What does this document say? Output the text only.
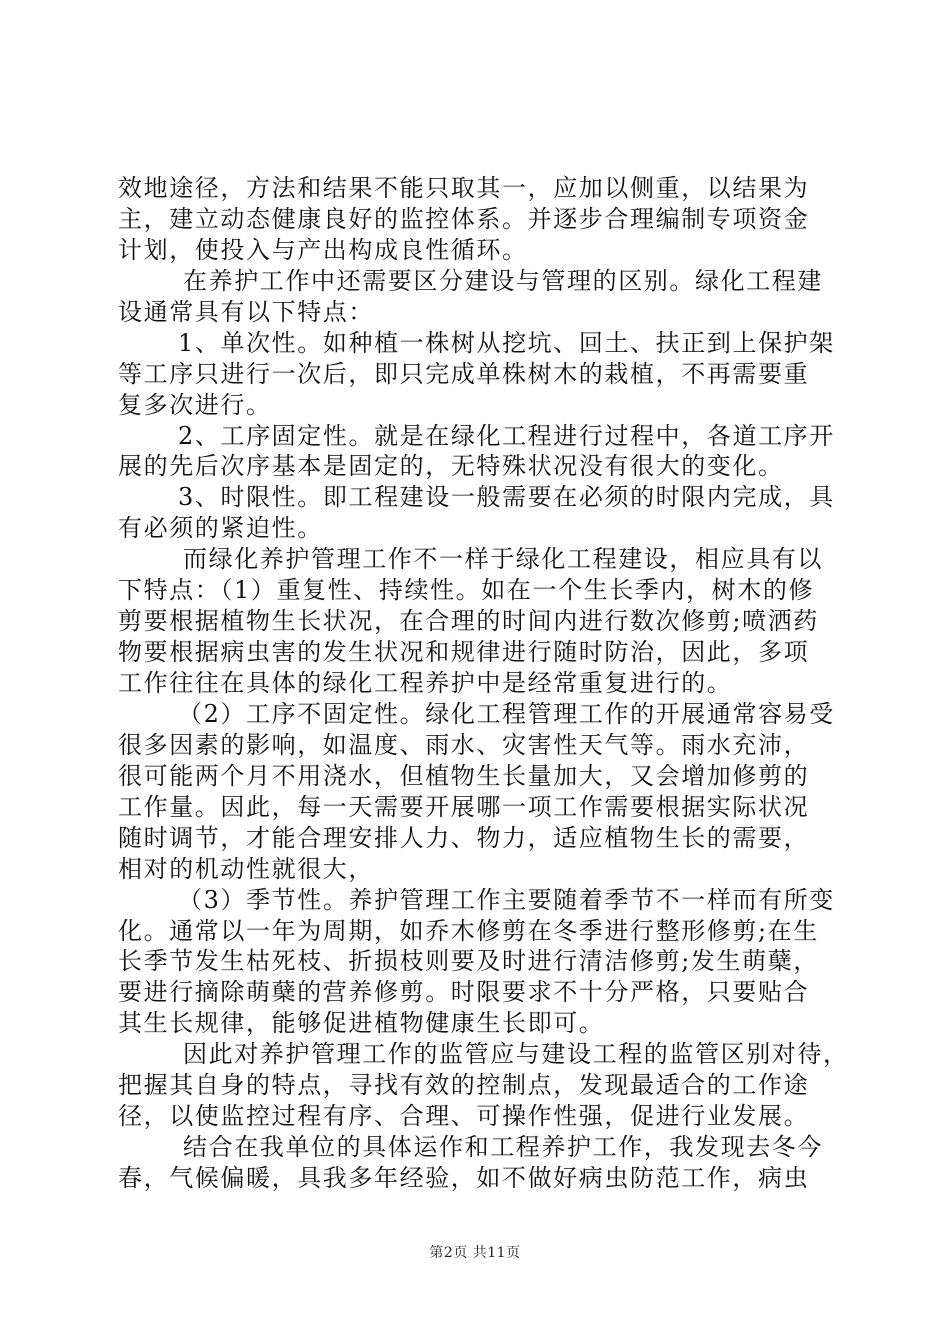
效地途径，方法和结果不能只取其一，应加以侧重，以结果为
主，建立动态健康良好的监控体系。并逐步合理编制专项资金
计划，使投入与产出构成良性循环。
在养护工作中还需要区分建设与管理的区别。绿化工程建
设通常具有以下特点：
1、单次性。如种植一株树从挖坑、回土、扶正到上保护架
等工序只进行一次后，即只完成单株树木的栽植，不再需要重
复多次进行。
2、工序固定性。就是在绿化工程进行过程中，各道工序开
展的先后次序基本是固定的，无特殊状况没有很大的变化。
3、时限性。即工程建设一般需要在必须的时限内完成，具
有必须的紧迫性。
而绿化养护管理工作不一样于绿化工程建设，相应具有以
下特点：（1）重复性、持续性。如在一个生长季内，树木的修
剪要根据植物生长状况，在合理的时间内进行数次修剪;喷洒药
物要根据病虫害的发生状况和规律进行随时防治，因此，多项
工作往往在具体的绿化工程养护中是经常重复进行的。
（2）工序不固定性。绿化工程管理工作的开展通常容易受
很多因素的影响，如温度、雨水、灾害性天气等。雨水充沛，
很可能两个月不用浇水，但植物生长量加大，又会增加修剪的
工作量。因此，每一天需要开展哪一项工作需要根据实际状况
随时调节，才能合理安排人力、物力，适应植物生长的需要，
相对的机动性就很大，
（3）季节性。养护管理工作主要随着季节不一样而有所变
化。通常以一年为周期，如乔木修剪在冬季进行整形修剪;在生
长季节发生枯死枝、折损枝则要及时进行清洁修剪;发生萌蘖，
要进行摘除萌蘖的营养修剪。时限要求不十分严格，只要贴合
其生长规律，能够促进植物健康生长即可。
因此对养护管理工作的监管应与建设工程的监管区别对待，
把握其自身的特点，寻找有效的控制点，发现最适合的工作途
径，以使监控过程有序、合理、可操作性强，促进行业发展。
结合在我单位的具体运作和工程养护工作，我发现去冬今
春，气候偏暖，具我多年经验，如不做好病虫防范工作，病虫
第2页 共11页
